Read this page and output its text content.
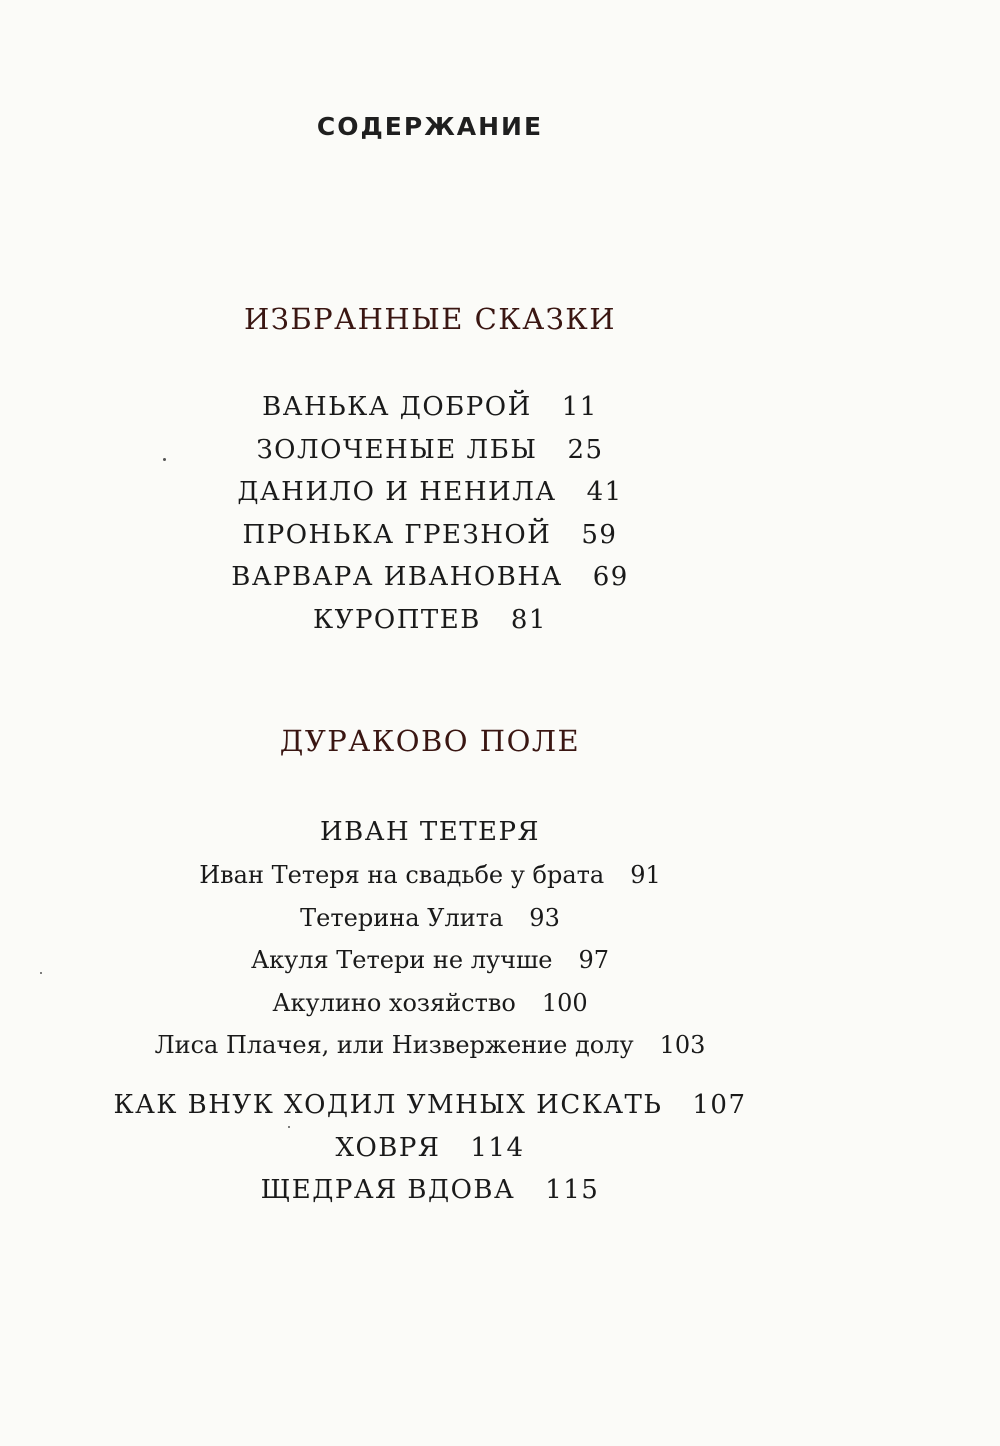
СОДЕРЖАНИЕ
ИЗБРАННЫЕ СКАЗКИ
ВАНЬКА ДОБРОЙ 11
ЗОЛОЧЕНЫЕ ЛБЫ 25
ДАНИЛО И НЕНИЛА 41
ПРОНЬКА ГРЕЗНОЙ 59
ВАРВАРА ИВАНОВНА 69
КУРОПТЕВ 81
ДУРАКОВО ПОЛЕ
ИВАН ТЕТЕРЯ
Иван Тетеря на свадьбе у брата 91
Тетерина Улита 93
Акуля Тетери не лучше 97
Акулино хозяйство 100
Лиса Плачея, или Низвержение долу 103
КАК ВНУК ХОДИЛ УМНЫХ ИСКАТЬ 107
ХОВРЯ 114
ЩЕДРАЯ ВДОВА 115
